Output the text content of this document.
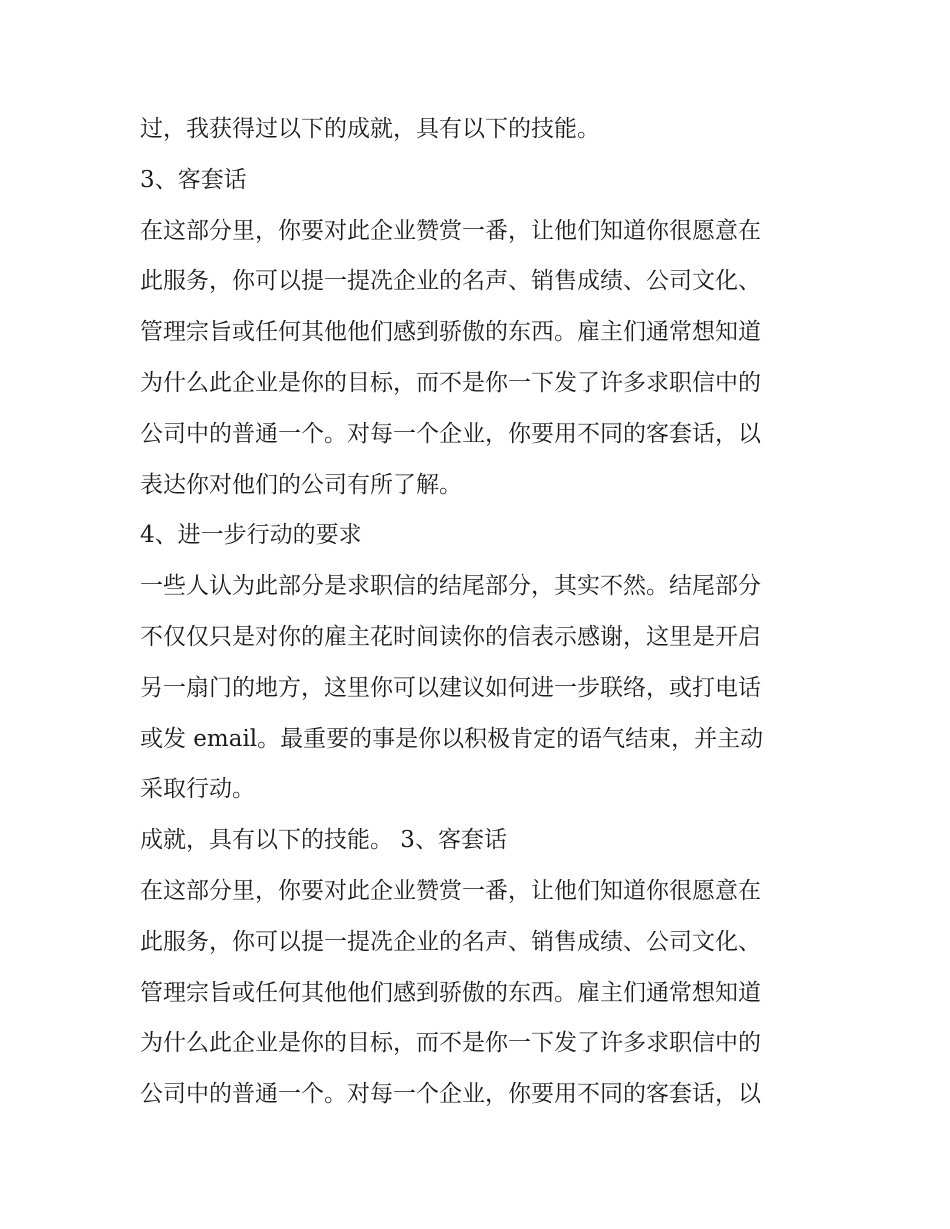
过，我获得过以下的成就，具有以下的技能。

3、客套话

在这部分里，你要对此企业赞赏一番，让他们知道你很愿意在

此服务，你可以提一提冼企业的名声、销售成绩、公司文化、

管理宗旨或任何其他他们感到骄傲的东西。雇主们通常想知道

为什么此企业是你的目标，而不是你一下发了许多求职信中的

公司中的普通一个。对每一个企业，你要用不同的客套话，以

表达你对他们的公司有所了解。

4、进一步行动的要求

一些人认为此部分是求职信的结尾部分，其实不然。结尾部分

不仅仅只是对你的雇主花时间读你的信表示感谢，这里是开启

另一扇门的地方，这里你可以建议如何进一步联络，或打电话

或发 email。最重要的事是你以积极肯定的语气结束，并主动

采取行动。

成就，具有以下的技能。 3、客套话

在这部分里，你要对此企业赞赏一番，让他们知道你很愿意在

此服务，你可以提一提冼企业的名声、销售成绩、公司文化、

管理宗旨或任何其他他们感到骄傲的东西。雇主们通常想知道

为什么此企业是你的目标，而不是你一下发了许多求职信中的

公司中的普通一个。对每一个企业，你要用不同的客套话，以
